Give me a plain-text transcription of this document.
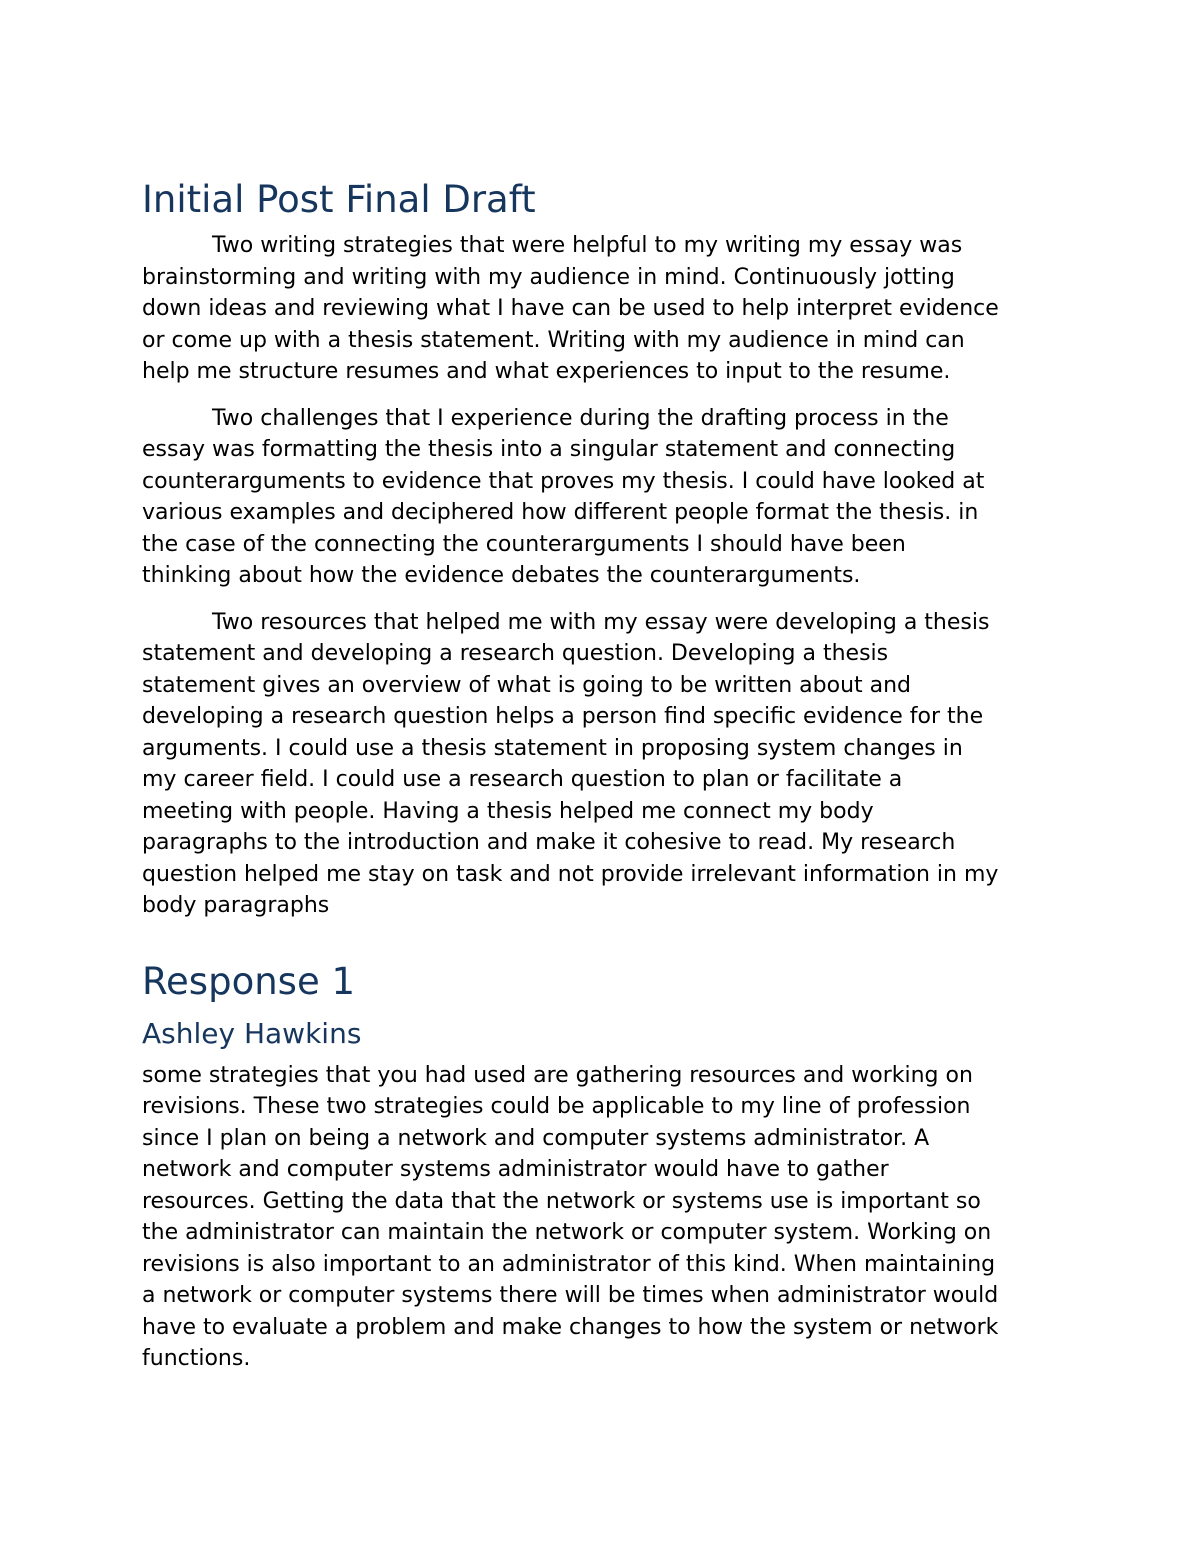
Initial Post Final Draft
Two writing strategies that were helpful to my writing my essay was
brainstorming and writing with my audience in mind. Continuously jotting
down ideas and reviewing what I have can be used to help interpret evidence
or come up with a thesis statement. Writing with my audience in mind can
help me structure resumes and what experiences to input to the resume.
Two challenges that I experience during the drafting process in the
essay was formatting the thesis into a singular statement and connecting
counterarguments to evidence that proves my thesis. I could have looked at
various examples and deciphered how different people format the thesis. in
the case of the connecting the counterarguments I should have been
thinking about how the evidence debates the counterarguments.
Two resources that helped me with my essay were developing a thesis
statement and developing a research question. Developing a thesis
statement gives an overview of what is going to be written about and
developing a research question helps a person find specific evidence for the
arguments. I could use a thesis statement in proposing system changes in
my career field. I could use a research question to plan or facilitate a
meeting with people. Having a thesis helped me connect my body
paragraphs to the introduction and make it cohesive to read. My research
question helped me stay on task and not provide irrelevant information in my
body paragraphs
Response 1
Ashley Hawkins
some strategies that you had used are gathering resources and working on
revisions. These two strategies could be applicable to my line of profession
since I plan on being a network and computer systems administrator. A
network and computer systems administrator would have to gather
resources. Getting the data that the network or systems use is important so
the administrator can maintain the network or computer system. Working on
revisions is also important to an administrator of this kind. When maintaining
a network or computer systems there will be times when administrator would
have to evaluate a problem and make changes to how the system or network
functions.
